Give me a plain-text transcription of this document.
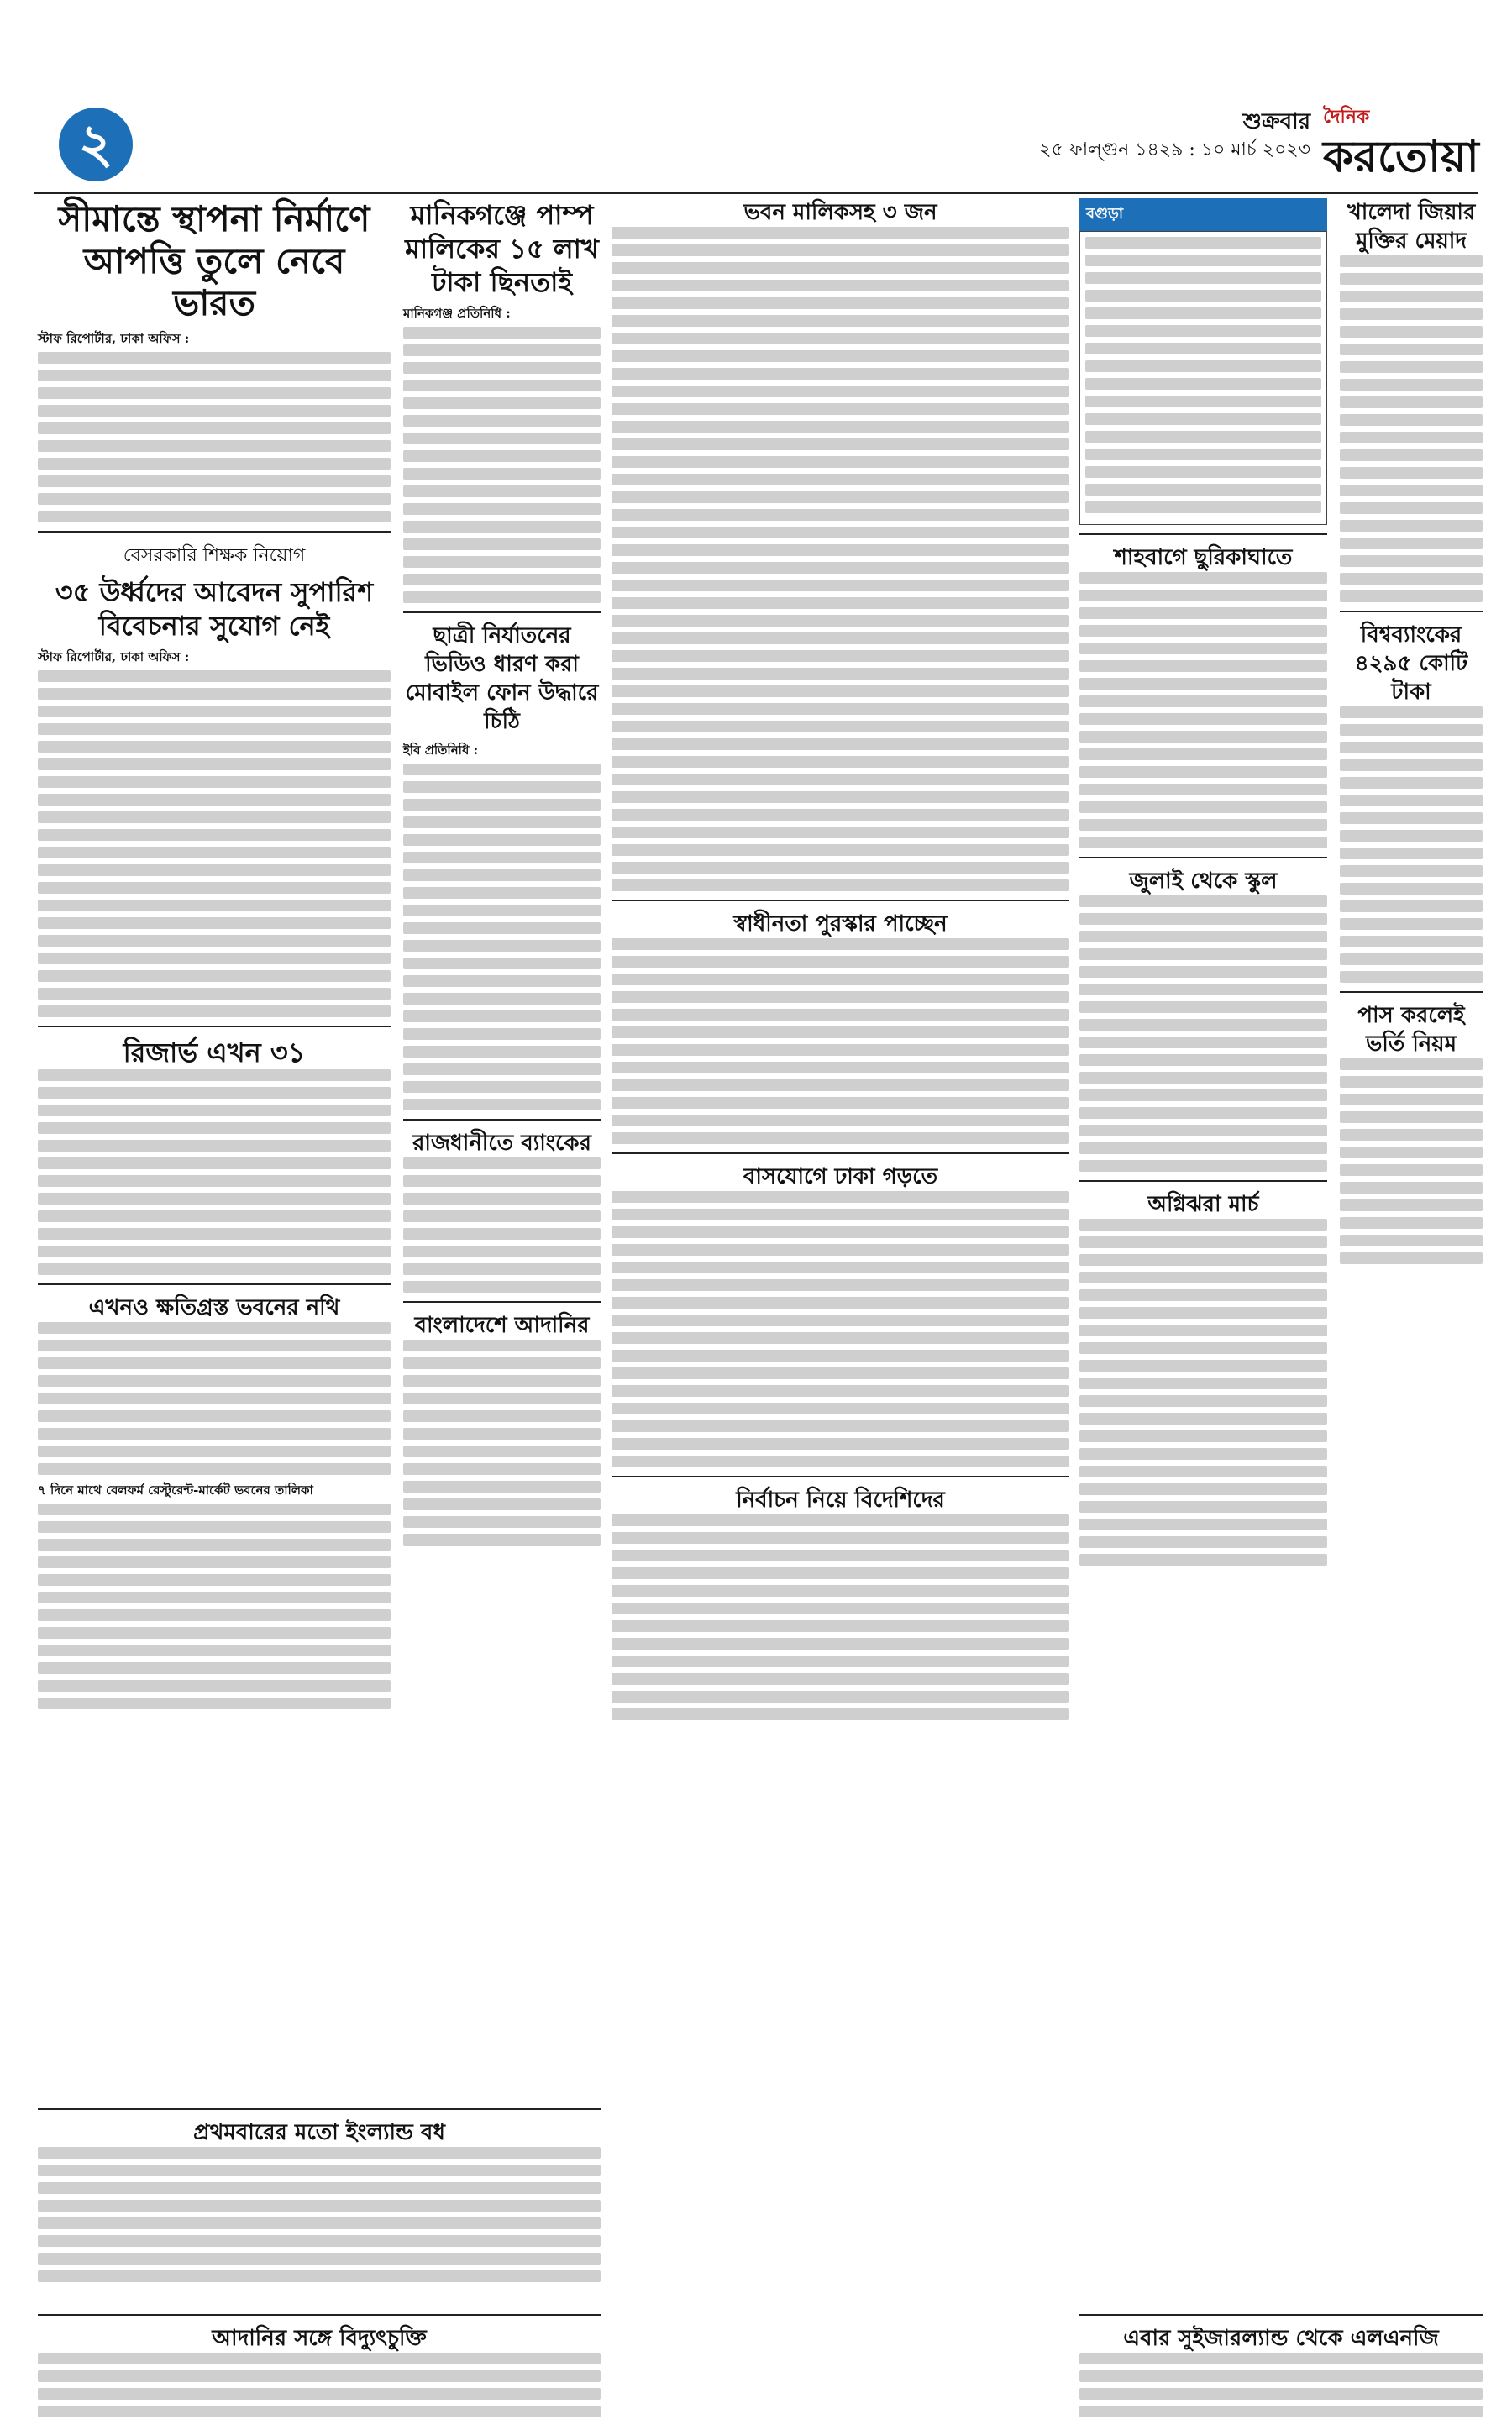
২	শুক্রবার
২৫ ফাল্গুন ১৪২৯ : ১০ মার্চ ২০২৩
দৈনিক
করতোয়া
সীমান্তে স্থাপনা নির্মাণে
আপত্তি তুলে নেবে ভারত
স্টাফ রিপোর্টার, ঢাকা অফিস :
বেসরকারি শিক্ষক নিয়োগ
৩৫ উর্ধ্বদের আবেদন সুপারিশ বিবেচনার সুযোগ নেই
স্টাফ রিপোর্টার, ঢাকা অফিস :
রিজার্ভ এখন ৩১
এখনও ক্ষতিগ্রস্ত ভবনের নথি
৭ দিনে মাথে বেলফর্ম রেস্টুরেন্ট-মার্কেট ভবনের তালিকা
মানিকগঞ্জে পাম্প মালিকের ১৫ লাখ টাকা ছিনতাই
মানিকগঞ্জ প্রতিনিধি :
ছাত্রী নির্যাতনের ভিডিও ধারণ করা মোবাইল ফোন উদ্ধারে চিঠি
ইবি প্রতিনিধি :
রাজধানীতে ব্যাংকের
বাংলাদেশে আদানির
ভবন মালিকসহ ৩ জন
স্বাধীনতা পুরস্কার পাচ্ছেন
বাসযোগে ঢাকা গড়তে
নির্বাচন নিয়ে বিদেশিদের
বগুড়া
শাহবাগে ছুরিকাঘাতে
জুলাই থেকে স্কুল
অগ্নিঝরা মার্চ
খালেদা জিয়ার মুক্তির মেয়াদ
বিশ্বব্যাংকের ৪২৯৫ কোটি টাকা
পাস করলেই ভর্তি নিয়ম
প্রথমবারের মতো ইংল্যান্ড বধ
আদানির সঙ্গে বিদ্যুৎচুক্তি	এবার সুইজারল্যান্ড থেকে এলএনজি
